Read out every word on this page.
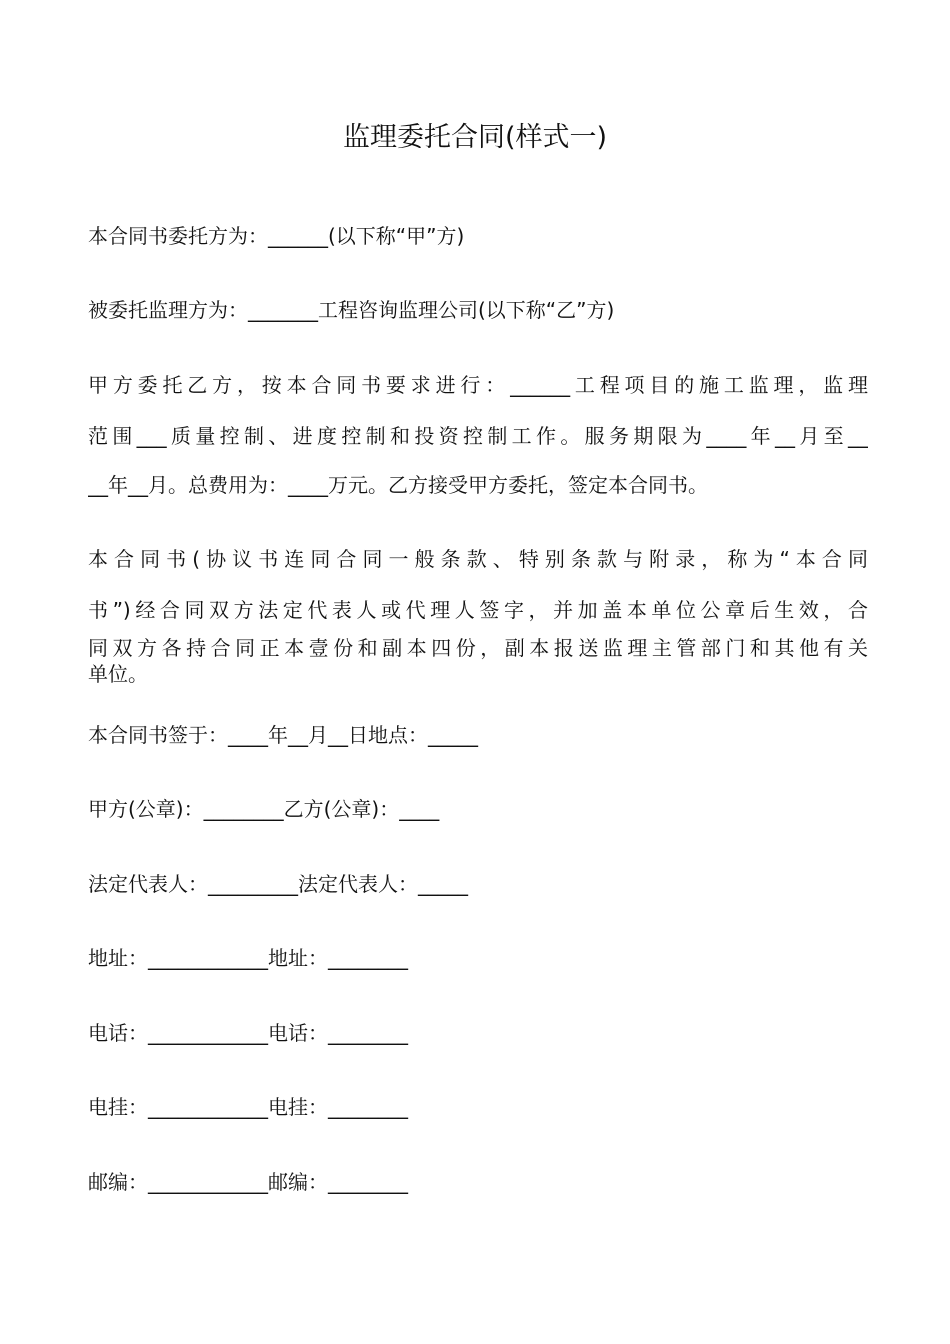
监理委托合同(样式一)
本合同书委托方为：______(以下称“甲”方)
被委托监理方为：_______工程咨询监理公司(以下称“乙”方)
甲方委托乙方，按本合同书要求进行：______工程项目的施工监理，监理
范围___质量控制、进度控制和投资控制工作。服务期限为____年__月至__
__年__月。总费用为：____万元。乙方接受甲方委托，签定本合同书。
本合同书(协议书连同合同一般条款、特别条款与附录，称为“本合同
书”)经合同双方法定代表人或代理人签字，并加盖本单位公章后生效，合
同双方各持合同正本壹份和副本四份，副本报送监理主管部门和其他有关
单位。
本合同书签于：____年__月__日地点：_____
甲方(公章)：________乙方(公章)：____
法定代表人：_________法定代表人：_____
地址：____________地址：________
电话：____________电话：________
电挂：____________电挂：________
邮编：____________邮编：________
